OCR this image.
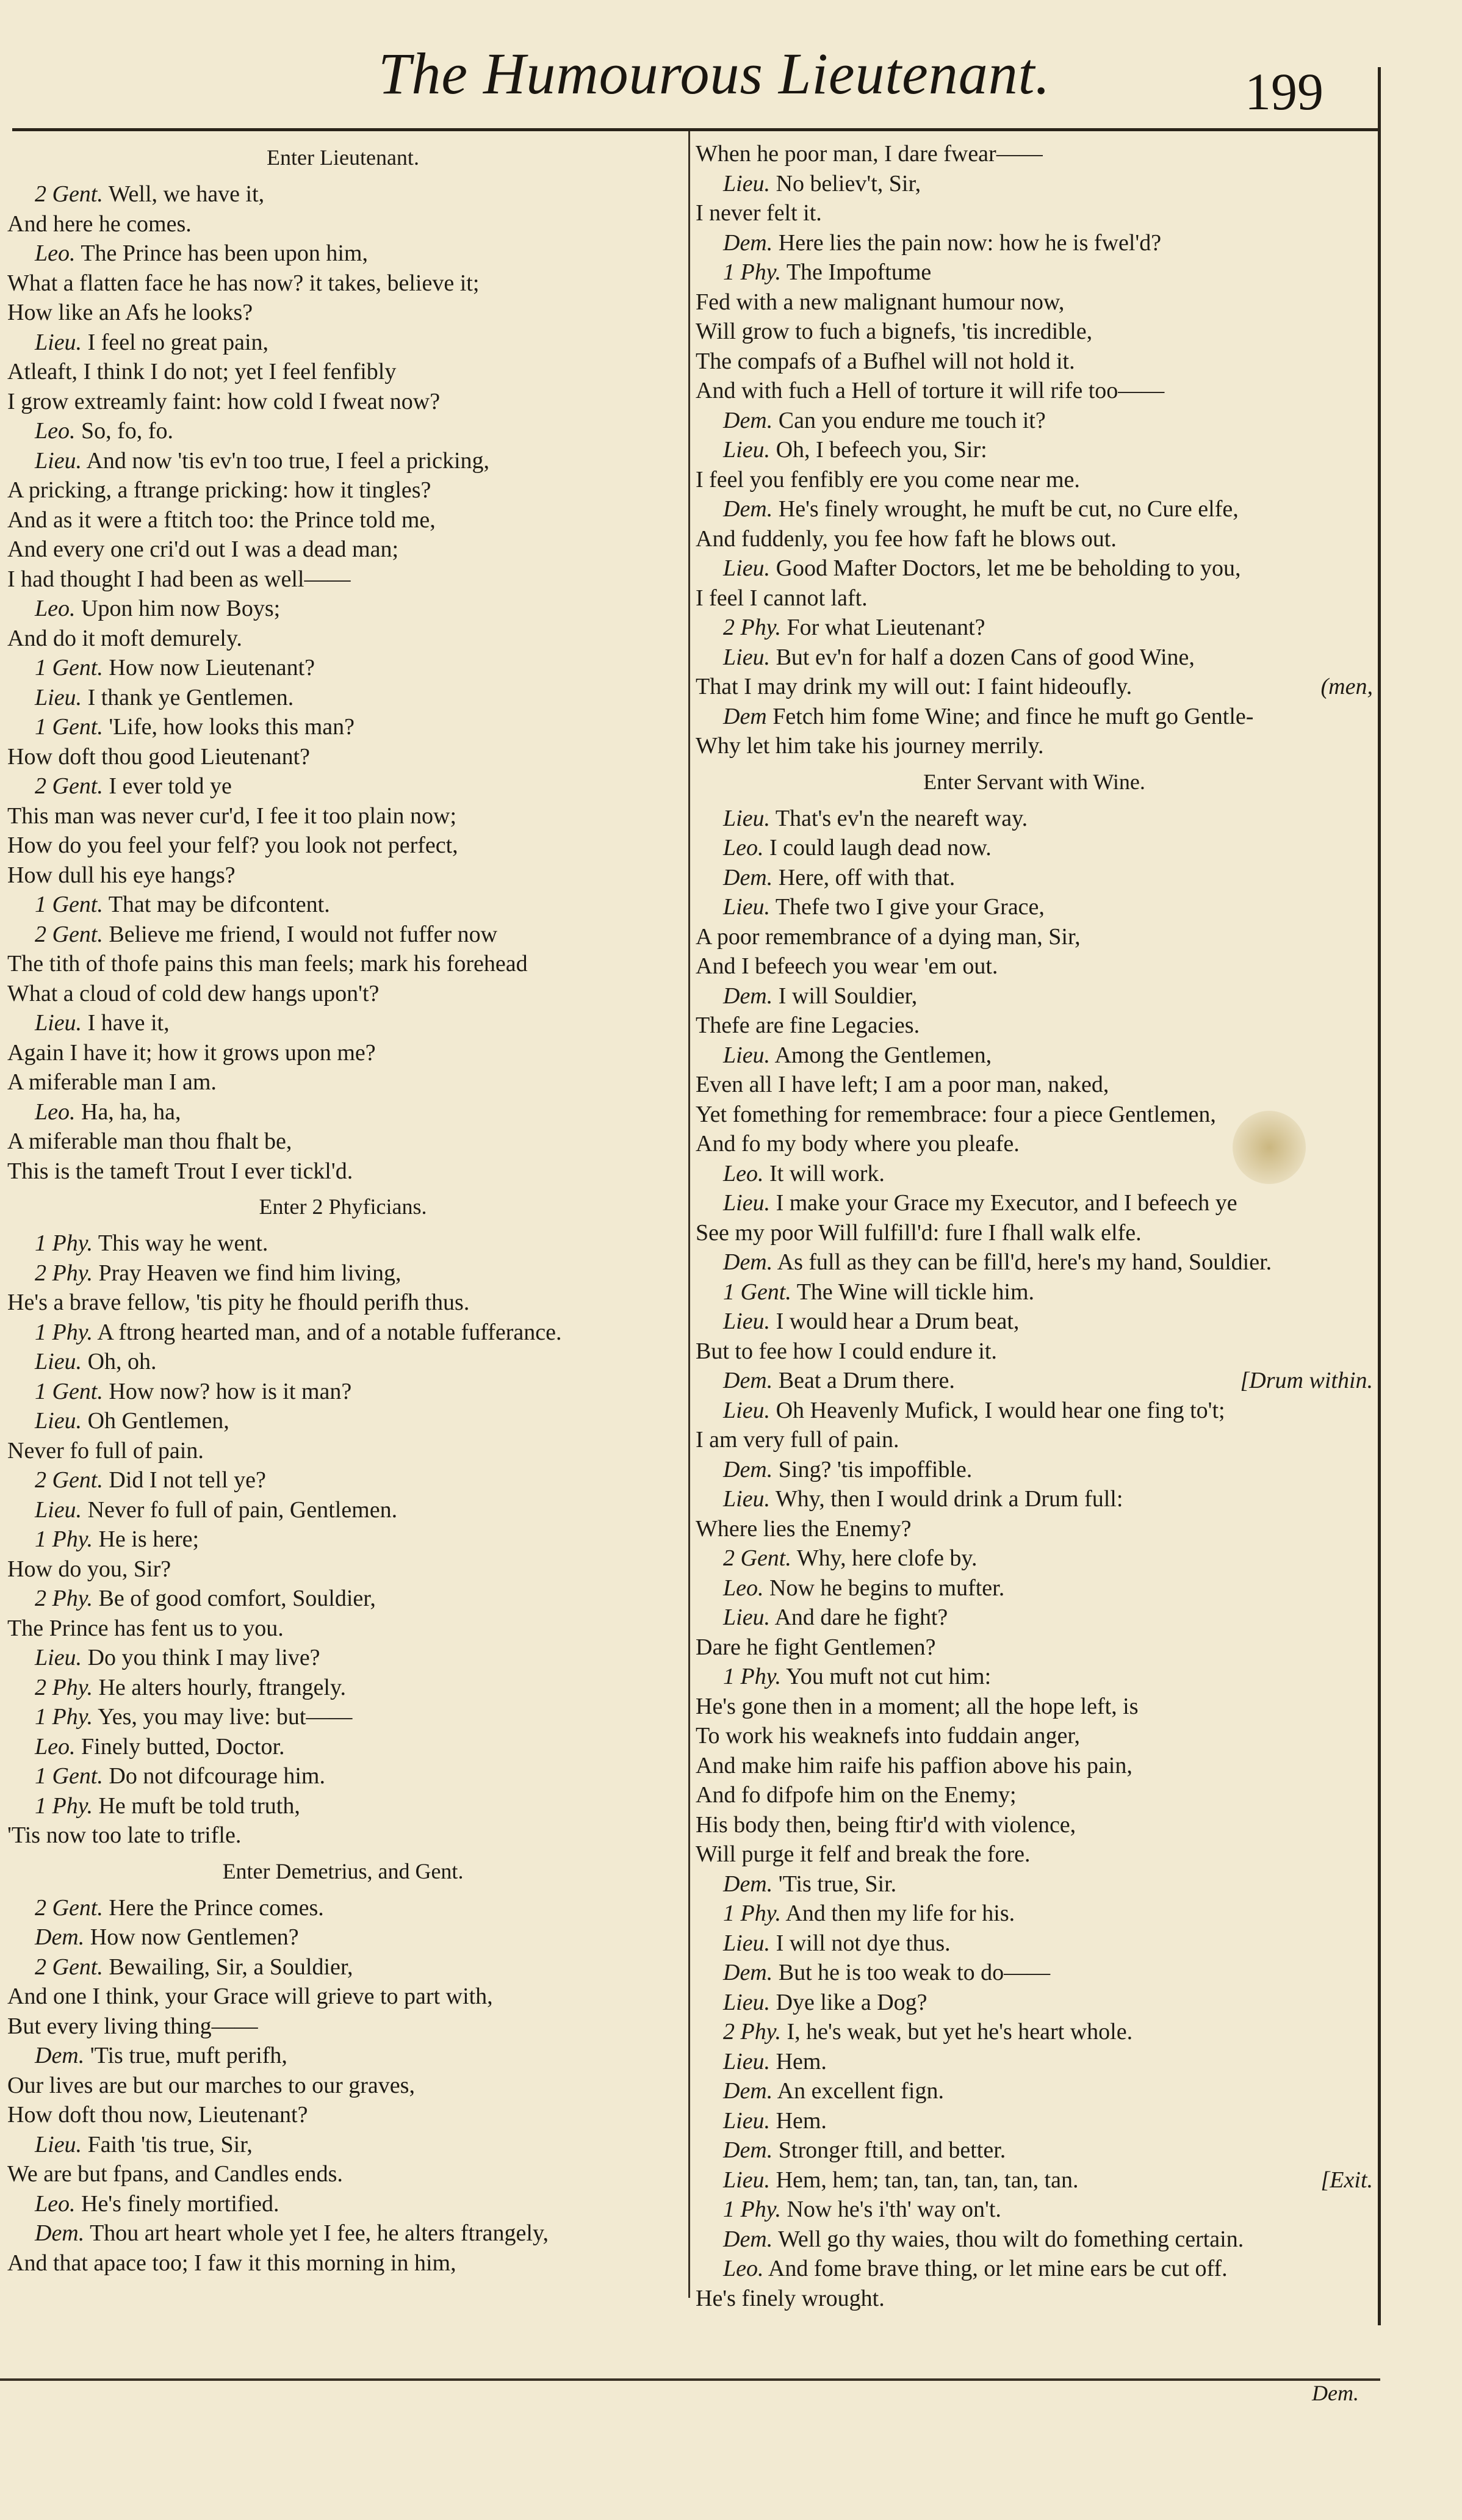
The Humourous Lieutenant.	199
Enter Lieutenant.
2 Gent. Well, we have it,
And here he comes.
Leo. The Prince has been upon him,
What a flatten face he has now? it takes, believe it;
How like an Afs he looks?
Lieu. I feel no great pain,
Atleaft, I think I do not; yet I feel fenfibly
I grow extreamly faint: how cold I fweat now?
Leo. So, fo, fo.
Lieu. And now 'tis ev'n too true, I feel a pricking,
A pricking, a ftrange pricking: how it tingles?
And as it were a ftitch too: the Prince told me,
And every one cri'd out I was a dead man;
I had thought I had been as well——
Leo. Upon him now Boys;
And do it moft demurely.
1 Gent. How now Lieutenant?
Lieu. I thank ye Gentlemen.
1 Gent. 'Life, how looks this man?
How doft thou good Lieutenant?
2 Gent. I ever told ye
This man was never cur'd, I fee it too plain now;
How do you feel your felf? you look not perfect,
How dull his eye hangs?
1 Gent. That may be difcontent.
2 Gent. Believe me friend, I would not fuffer now
The tith of thofe pains this man feels; mark his forehead
What a cloud of cold dew hangs upon't?
Lieu. I have it,
Again I have it; how it grows upon me?
A miferable man I am.
Leo. Ha, ha, ha,
A miferable man thou fhalt be,
This is the tameft Trout I ever tickl'd.
Enter 2 Phyficians.
1 Phy. This way he went.
2 Phy. Pray Heaven we find him living,
He's a brave fellow, 'tis pity he fhould perifh thus.
1 Phy. A ftrong hearted man, and of a notable fufferance.
Lieu. Oh, oh.
1 Gent. How now? how is it man?
Lieu. Oh Gentlemen,
Never fo full of pain.
2 Gent. Did I not tell ye?
Lieu. Never fo full of pain, Gentlemen.
1 Phy. He is here;
How do you, Sir?
2 Phy. Be of good comfort, Souldier,
The Prince has fent us to you.
Lieu. Do you think I may live?
2 Phy. He alters hourly, ftrangely.
1 Phy. Yes, you may live: but——
Leo. Finely butted, Doctor.
1 Gent. Do not difcourage him.
1 Phy. He muft be told truth,
'Tis now too late to trifle.
Enter Demetrius, and Gent.
2 Gent. Here the Prince comes.
Dem. How now Gentlemen?
2 Gent. Bewailing, Sir, a Souldier,
And one I think, your Grace will grieve to part with,
But every living thing——
Dem. 'Tis true, muft perifh,
Our lives are but our marches to our graves,
How doft thou now, Lieutenant?
Lieu. Faith 'tis true, Sir,
We are but fpans, and Candles ends.
Leo. He's finely mortified.
Dem. Thou art heart whole yet I fee, he alters ftrangely,
And that apace too; I faw it this morning in him,
When he poor man, I dare fwear——
Lieu. No believ't, Sir,
I never felt it.
Dem. Here lies the pain now: how he is fwel'd?
1 Phy. The Impoftume
Fed with a new malignant humour now,
Will grow to fuch a bignefs, 'tis incredible,
The compafs of a Bufhel will not hold it.
And with fuch a Hell of torture it will rife too——
Dem. Can you endure me touch it?
Lieu. Oh, I befeech you, Sir:
I feel you fenfibly ere you come near me.
Dem. He's finely wrought, he muft be cut, no Cure elfe,
And fuddenly, you fee how faft he blows out.
Lieu. Good Mafter Doctors, let me be beholding to you,
I feel I cannot laft.
2 Phy. For what Lieutenant?
Lieu. But ev'n for half a dozen Cans of good Wine,
(men,
That I may drink my will out: I faint hideoufly.
Dem Fetch him fome Wine; and fince he muft go Gentle-
Why let him take his journey merrily.
Enter Servant with Wine.
Lieu. That's ev'n the neareft way.
Leo. I could laugh dead now.
Dem. Here, off with that.
Lieu. Thefe two I give your Grace,
A poor remembrance of a dying man, Sir,
And I befeech you wear 'em out.
Dem. I will Souldier,
Thefe are fine Legacies.
Lieu. Among the Gentlemen,
Even all I have left; I am a poor man, naked,
Yet fomething for remembrace: four a piece Gentlemen,
And fo my body where you pleafe.
Leo. It will work.
Lieu. I make your Grace my Executor, and I befeech ye
See my poor Will fulfill'd: fure I fhall walk elfe.
Dem. As full as they can be fill'd, here's my hand, Souldier.
1 Gent. The Wine will tickle him.
Lieu. I would hear a Drum beat,
But to fee how I could endure it.
[Drum within.
Dem. Beat a Drum there.
Lieu. Oh Heavenly Mufick, I would hear one fing to't;
I am very full of pain.
Dem. Sing? 'tis impoffible.
Lieu. Why, then I would drink a Drum full:
Where lies the Enemy?
2 Gent. Why, here clofe by.
Leo. Now he begins to mufter.
Lieu. And dare he fight?
Dare he fight Gentlemen?
1 Phy. You muft not cut him:
He's gone then in a moment; all the hope left, is
To work his weaknefs into fuddain anger,
And make him raife his paffion above his pain,
And fo difpofe him on the Enemy;
His body then, being ftir'd with violence,
Will purge it felf and break the fore.
Dem. 'Tis true, Sir.
1 Phy. And then my life for his.
Lieu. I will not dye thus.
Dem. But he is too weak to do——
Lieu. Dye like a Dog?
2 Phy. I, he's weak, but yet he's heart whole.
Lieu. Hem.
Dem. An excellent fign.
Lieu. Hem.
Dem. Stronger ftill, and better.
[Exit.
Lieu. Hem, hem; tan, tan, tan, tan, tan.
1 Phy. Now he's i'th' way on't.
Dem. Well go thy waies, thou wilt do fomething certain.
Leo. And fome brave thing, or let mine ears be cut off.
He's finely wrought.
Dem.
